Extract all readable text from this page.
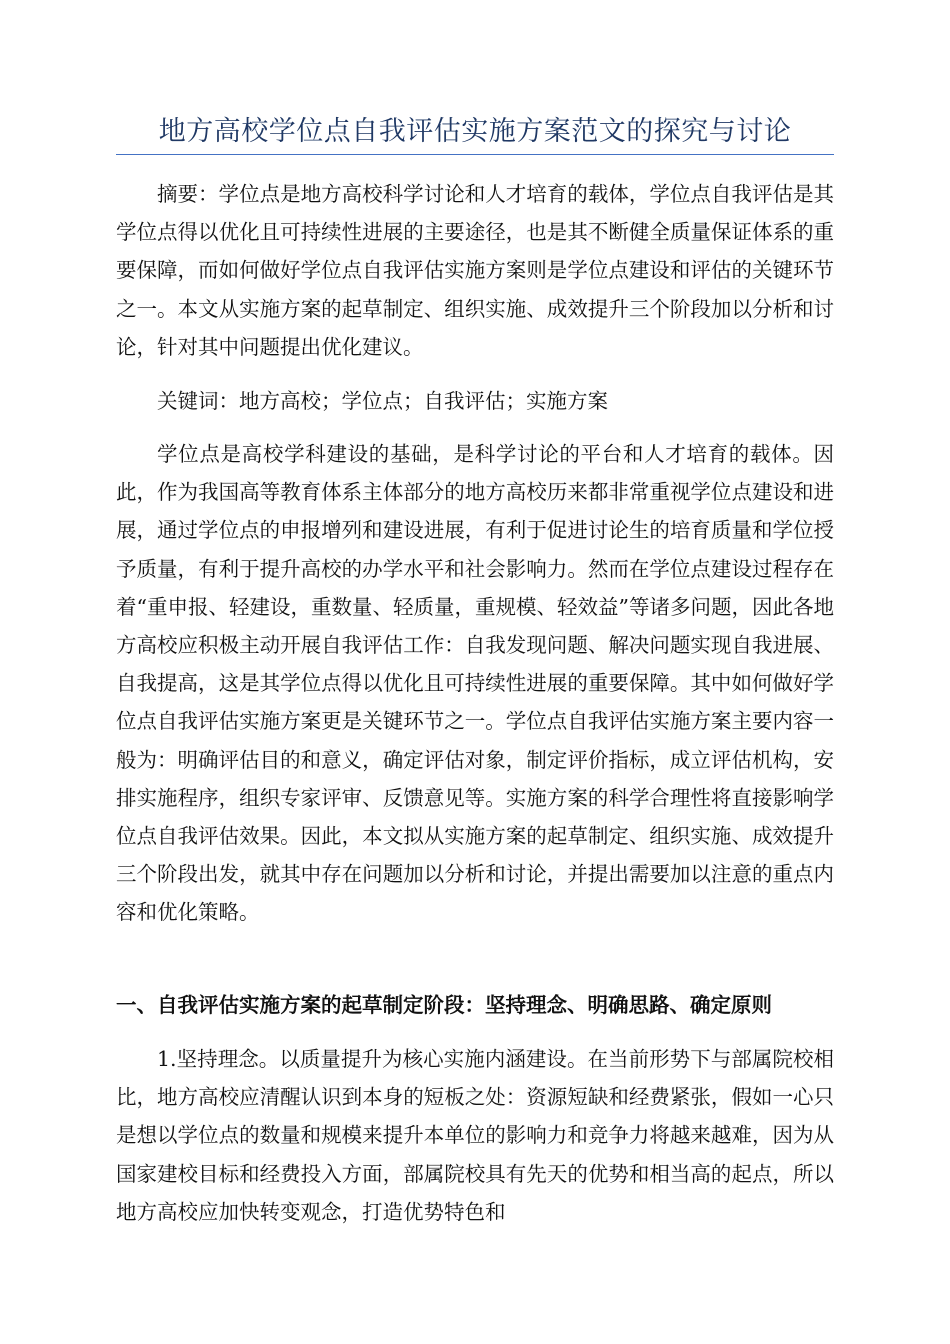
地方高校学位点自我评估实施方案范文的探究与讨论

摘要：学位点是地方高校科学讨论和人才培育的载体，学位点自我评估是其学位点得以优化且可持续性进展的主要途径，也是其不断健全质量保证体系的重要保障，而如何做好学位点自我评估实施方案则是学位点建设和评估的关键环节之一。本文从实施方案的起草制定、组织实施、成效提升三个阶段加以分析和讨论，针对其中问题提出优化建议。

关键词：地方高校；学位点；自我评估；实施方案

学位点是高校学科建设的基础，是科学讨论的平台和人才培育的载体。因此，作为我国高等教育体系主体部分的地方高校历来都非常重视学位点建设和进展，通过学位点的申报增列和建设进展，有利于促进讨论生的培育质量和学位授予质量，有利于提升高校的办学水平和社会影响力。然而在学位点建设过程存在着“重申报、轻建设，重数量、轻质量，重规模、轻效益”等诸多问题，因此各地方高校应积极主动开展自我评估工作：自我发现问题、解决问题实现自我进展、自我提高，这是其学位点得以优化且可持续性进展的重要保障。其中如何做好学位点自我评估实施方案更是关键环节之一。学位点自我评估实施方案主要内容一般为：明确评估目的和意义，确定评估对象，制定评价指标，成立评估机构，安排实施程序，组织专家评审、反馈意见等。实施方案的科学合理性将直接影响学位点自我评估效果。因此，本文拟从实施方案的起草制定、组织实施、成效提升三个阶段出发，就其中存在问题加以分析和讨论，并提出需要加以注意的重点内容和优化策略。

一、自我评估实施方案的起草制定阶段：坚持理念、明确思路、确定原则

1.坚持理念。以质量提升为核心实施内涵建设。在当前形势下与部属院校相比，地方高校应清醒认识到本身的短板之处：资源短缺和经费紧张，假如一心只是想以学位点的数量和规模来提升本单位的影响力和竞争力将越来越难，因为从国家建校目标和经费投入方面，部属院校具有先天的优势和相当高的起点，所以地方高校应加快转变观念，打造优势特色和
